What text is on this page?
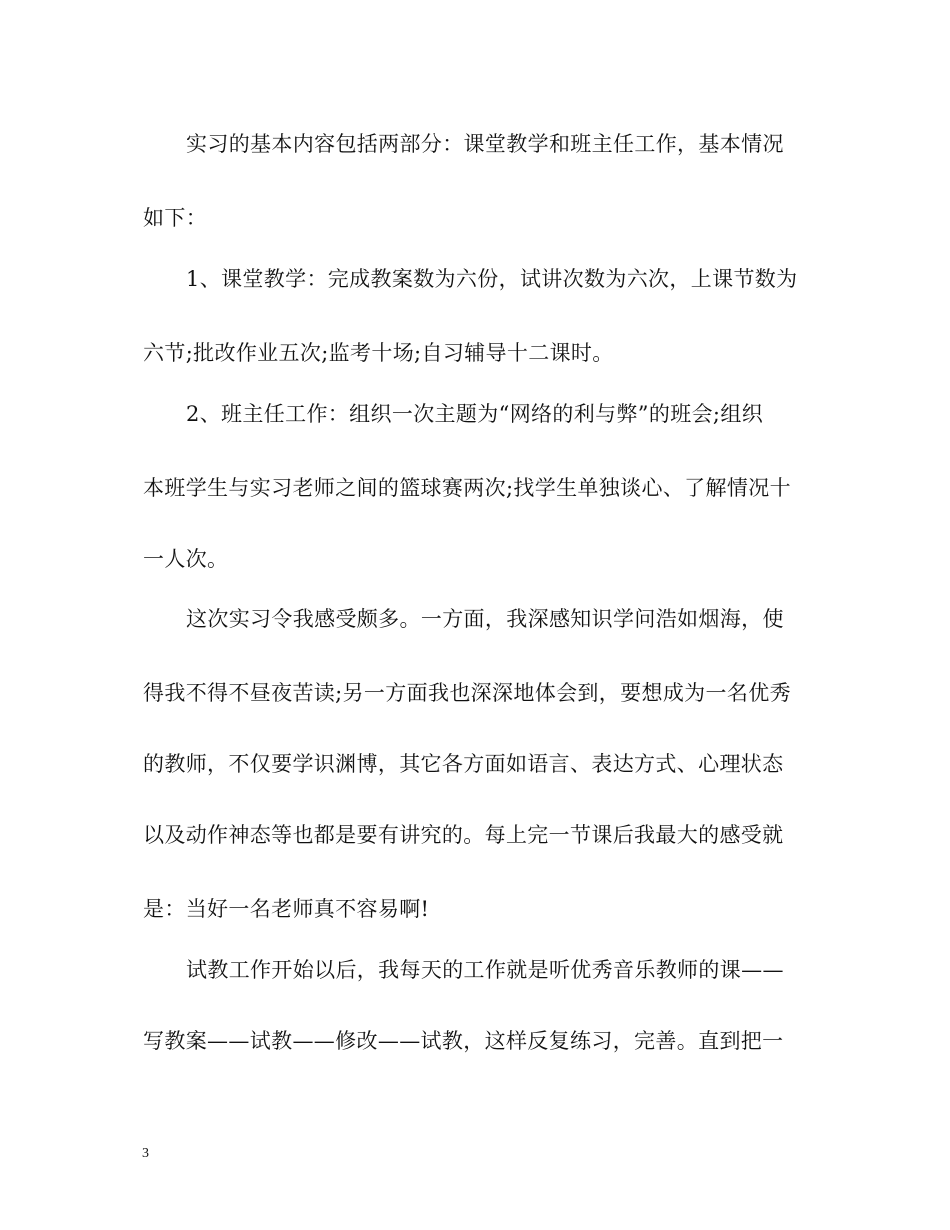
实习的基本内容包括两部分：课堂教学和班主任工作，基本情况
如下：
1、课堂教学：完成教案数为六份，试讲次数为六次，上课节数为
六节;批改作业五次;监考十场;自习辅导十二课时。
2、班主任工作：组织一次主题为“网络的利与弊”的班会;组织
本班学生与实习老师之间的篮球赛两次;找学生单独谈心、了解情况十
一人次。
这次实习令我感受颇多。一方面，我深感知识学问浩如烟海，使
得我不得不昼夜苦读;另一方面我也深深地体会到，要想成为一名优秀
的教师，不仅要学识渊博，其它各方面如语言、表达方式、心理状态
以及动作神态等也都是要有讲究的。每上完一节课后我最大的感受就
是：当好一名老师真不容易啊!
试教工作开始以后，我每天的工作就是听优秀音乐教师的课——
写教案——试教——修改——试教，这样反复练习，完善。直到把一
3
